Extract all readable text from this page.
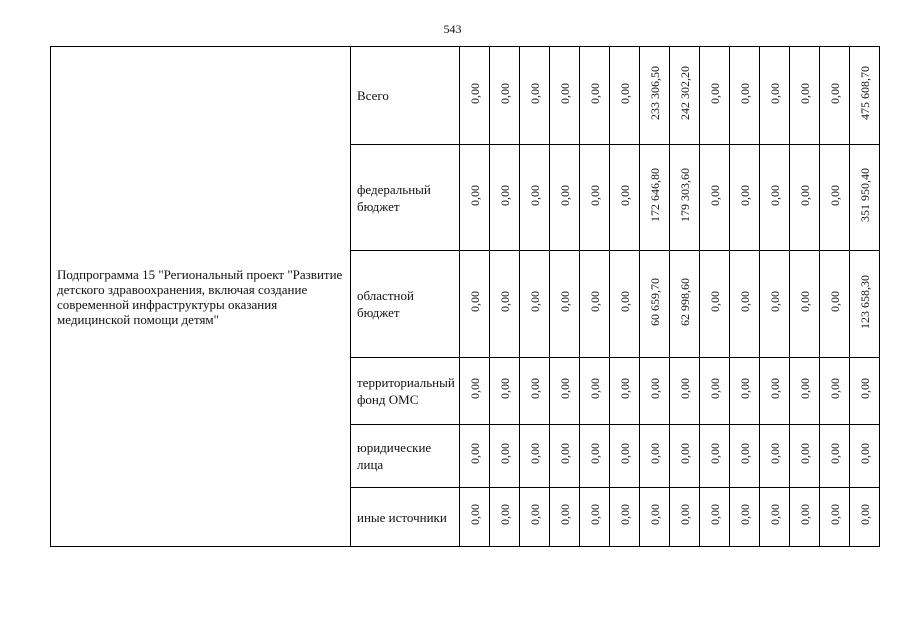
543
Подпрограмма 15 "Региональный проект "Развитие детского здравоохранения, включая создание современной инфраструктуры оказания медицинской помощи детям"	Всего	0,00	0,00	0,00	0,00	0,00	0,00	233 306,50	242 302,20	0,00	0,00	0,00	0,00	0,00	475 608,70
	федеральный бюджет	0,00	0,00	0,00	0,00	0,00	0,00	172 646,80	179 303,60	0,00	0,00	0,00	0,00	0,00	351 950,40
	областной бюджет	0,00	0,00	0,00	0,00	0,00	0,00	60 659,70	62 998,60	0,00	0,00	0,00	0,00	0,00	123 658,30
	территориальный фонд ОМС	0,00	0,00	0,00	0,00	0,00	0,00	0,00	0,00	0,00	0,00	0,00	0,00	0,00	0,00
	юридические лица	0,00	0,00	0,00	0,00	0,00	0,00	0,00	0,00	0,00	0,00	0,00	0,00	0,00	0,00
	иные источники	0,00	0,00	0,00	0,00	0,00	0,00	0,00	0,00	0,00	0,00	0,00	0,00	0,00	0,00
